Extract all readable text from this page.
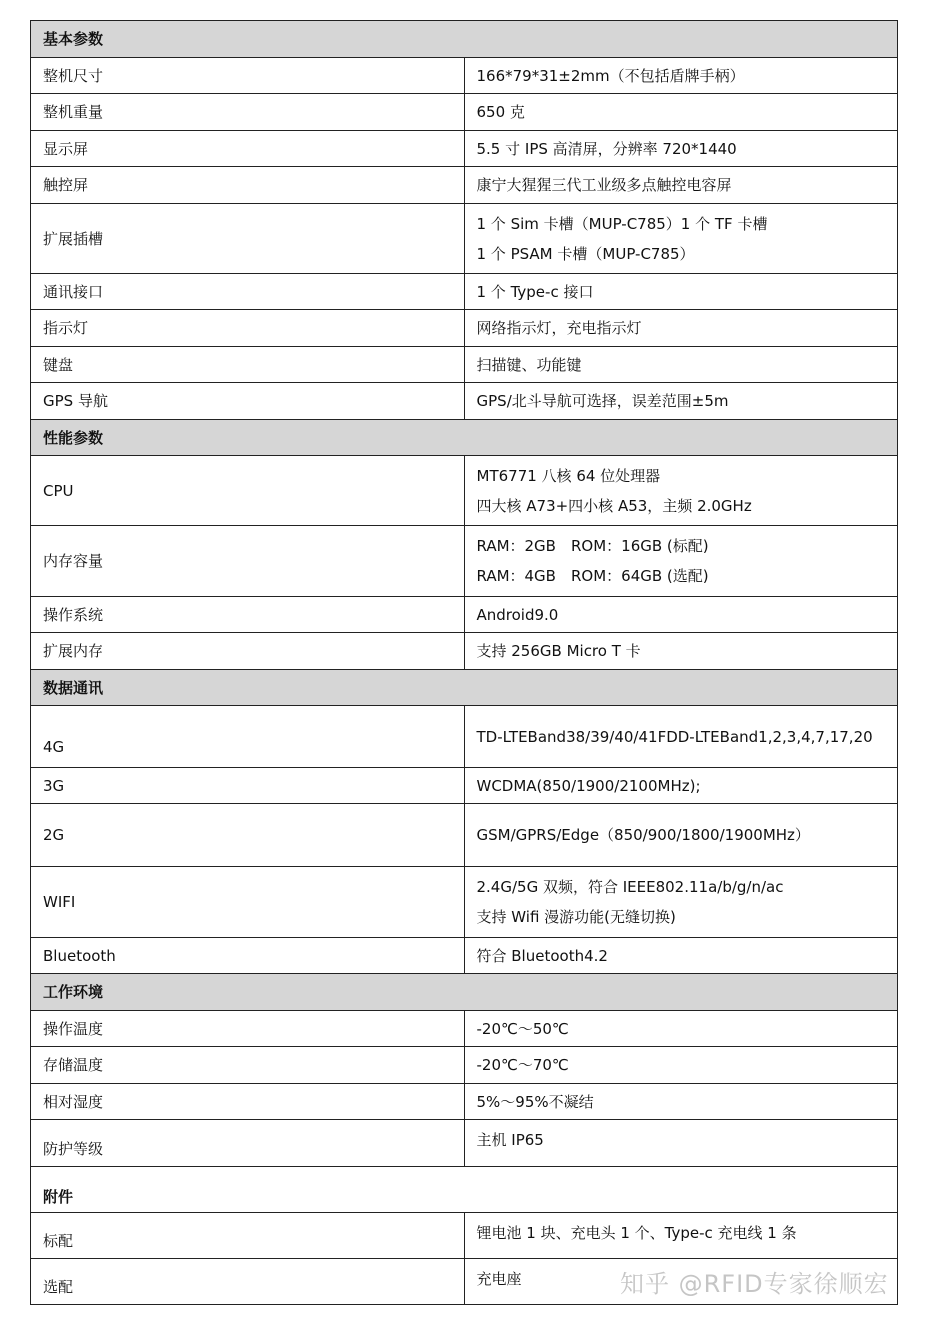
基本参数	
整机尺寸	166*79*31±2mm（不包括盾牌手柄）
整机重量	650 克
显示屏	5.5 寸 IPS 高清屏，分辨率 720*1440
触控屏	康宁大猩猩三代工业级多点触控电容屏
扩展插槽	1 个 Sim 卡槽（MUP-C785）1 个 TF 卡槽
1 个 PSAM 卡槽（MUP-C785）

通讯接口	1 个 Type-c 接口
指示灯	网络指示灯，充电指示灯
键盘	扫描键、功能键
GPS 导航	GPS/北斗导航可选择，误差范围±5m
性能参数	
CPU	MT6771 八核 64 位处理器
四大核 A73+四小核 A53，主频 2.0GHz

内存容量	RAM：2GB　ROM：16GB (标配)
RAM：4GB　ROM：64GB (选配)

操作系统	Android9.0
扩展内存	支持 256GB Micro T 卡
数据通讯	
4G	TD-LTEBand38/39/40/41FDD-LTEBand1,2,3,4,7,17,20
3G	WCDMA(850/1900/2100MHz);
2G	GSM/GPRS/Edge（850/900/1800/1900MHz）
WIFI	2.4G/5G 双频，符合 IEEE802.11a/b/g/n/ac
支持 Wifi 漫游功能(无缝切换)

Bluetooth	符合 Bluetooth4.2
工作环境	
操作温度	-20℃～50℃
存储温度	-20℃～70℃
相对湿度	5%～95%不凝结
防护等级	主机 IP65
附件	
标配	锂电池 1 块、充电头 1 个、Type-c 充电线 1 条
选配	充电座	知乎 @RFID专家徐顺宏
